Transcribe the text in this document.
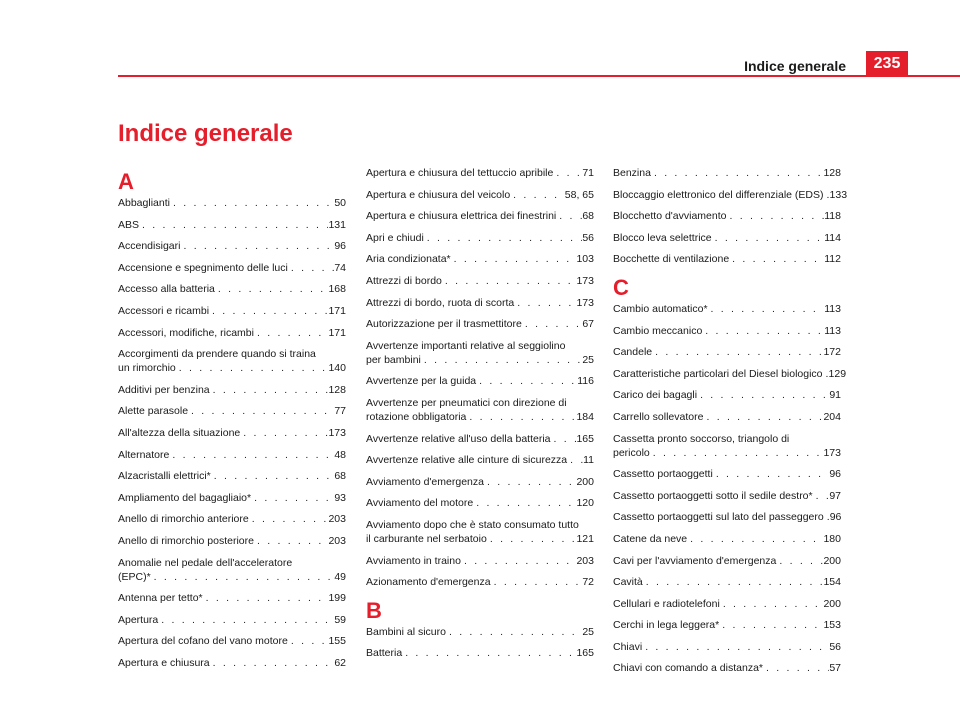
Indice generale	235
Indice generale
A
Abbaglianti . . .	50
ABS . . .	131
Accendisigari . . .	96
Accensione e spegnimento delle luci . . .	74
Accesso alla batteria . . .	168
Accessori e ricambi . . .	171
Accessori, modifiche, ricambi . . .	171
Accorgimenti da prendere quando si traina
un rimorchio . . .	140
Additivi per benzina . . .	128
Alette parasole . . .	77
All'altezza della situazione . . .	173
Alternatore . . .	48
Alzacristalli elettrici* . . .	68
Ampliamento del bagagliaio* . . .	93
Anello di rimorchio anteriore . . .	203
Anello di rimorchio posteriore . . .	203
Anomalie nel pedale dell'acceleratore
(EPC)* . . .	49
Antenna per tetto* . . .	199
Apertura . . .	59
Apertura del cofano del vano motore . . .	155
Apertura e chiusura . . .	62
Apertura e chiusura del tettuccio apribile . . .	71
Apertura e chiusura del veicolo . . .	58, 65
Apertura e chiusura elettrica dei finestrini . . . 68
Apri e chiudi . . .	56
Aria condizionata* . . .	103
Attrezzi di bordo . . .	173
Attrezzi di bordo, ruota di scorta . . .	173
Autorizzazione per il trasmettitore . . .	67
Avvertenze importanti relative al seggiolino
per bambini . . .	25
Avvertenze per la guida . . .	116
Avvertenze per pneumatici con direzione di
rotazione obbligatoria . . .	184
Avvertenze relative all'uso della batteria . . . 165
Avvertenze relative alle cinture di sicurezza . . . 11
Avviamento d'emergenza . . .	200
Avviamento del motore . . .	120
Avviamento dopo che è stato consumato tutto
il carburante nel serbatoio . . .	121
Avviamento in traino . . .	203
Azionamento d'emergenza . . .	72
B
Bambini al sicuro . . .	25
Batteria . . .	165
Benzina . . .	128
Bloccaggio elettronico del differenziale (EDS) . . . 133
Blocchetto d'avviamento . . .	118
Blocco leva selettrice . . .	114
Bocchette di ventilazione . . .	112
C
Cambio automatico* . . .	113
Cambio meccanico . . .	113
Candele . . .	172
Caratteristiche particolari del Diesel biologico . . . 129
Carico dei bagagli . . .	91
Carrello sollevatore . . .	204
Cassetta pronto soccorso, triangolo di
pericolo . . .	173
Cassetto portaoggetti . . .	96
Cassetto portaoggetti sotto il sedile destro* . . . 97
Cassetto portaoggetti sul lato del passeggero . . . 96
Catene da neve . . .	180
Cavi per l'avviamento d'emergenza . . .	200
Cavità . . .	154
Cellulari e radiotelefoni . . .	200
Cerchi in lega leggera* . . .	153
Chiavi . . .	56
Chiavi con comando a distanza* . . .	57
